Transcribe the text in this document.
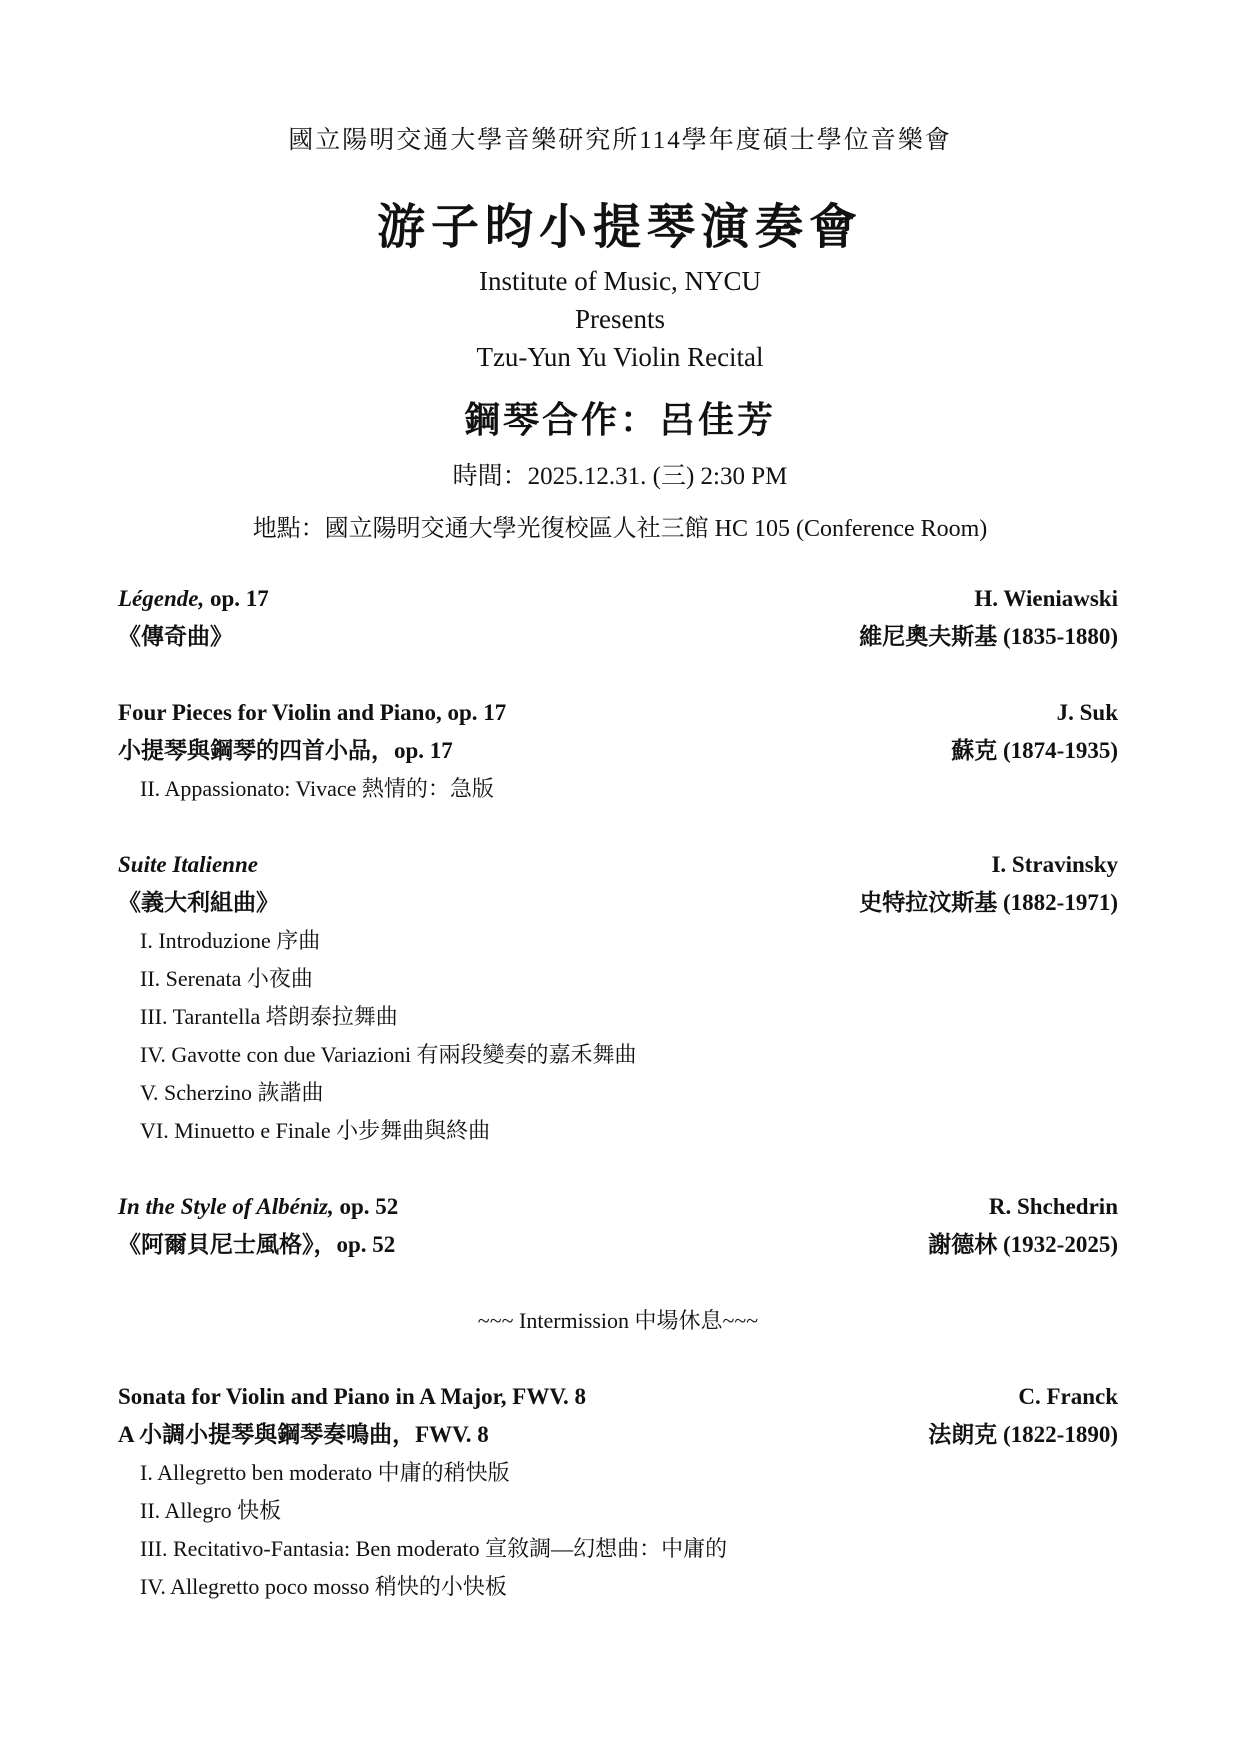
國立陽明交通大學音樂研究所114學年度碩士學位音樂會
游子昀小提琴演奏會
Institute of Music, NYCU
Presents
Tzu-Yun Yu Violin Recital
鋼琴合作：呂佳芳
時間：2025.12.31. (三) 2:30 PM
地點：國立陽明交通大學光復校區人社三館 HC 105 (Conference Room)
Légende, op. 17	H. Wieniawski
《傳奇曲》	維尼奧夫斯基 (1835-1880)
Four Pieces for Violin and Piano, op. 17	J. Suk
小提琴與鋼琴的四首小品，op. 17	蘇克 (1874-1935)
II. Appassionato: Vivace 熱情的：急版
Suite Italienne	I. Stravinsky
《義大利組曲》	史特拉汶斯基 (1882-1971)
I. Introduzione 序曲
II. Serenata 小夜曲
III. Tarantella 塔朗泰拉舞曲
IV. Gavotte con due Variazioni 有兩段變奏的嘉禾舞曲
V. Scherzino 詼諧曲
VI. Minuetto e Finale 小步舞曲與終曲
In the Style of Albéniz, op. 52	R. Shchedrin
《阿爾貝尼士風格》，op. 52	謝德林 (1932-2025)
~~~ Intermission 中場休息~~~
Sonata for Violin and Piano in A Major, FWV. 8	C. Franck
A 小調小提琴與鋼琴奏鳴曲，FWV. 8	法朗克 (1822-1890)
I. Allegretto ben moderato 中庸的稍快版
II. Allegro 快板
III. Recitativo-Fantasia: Ben moderato 宣敘調—幻想曲：中庸的
IV. Allegretto poco mosso 稍快的小快板
